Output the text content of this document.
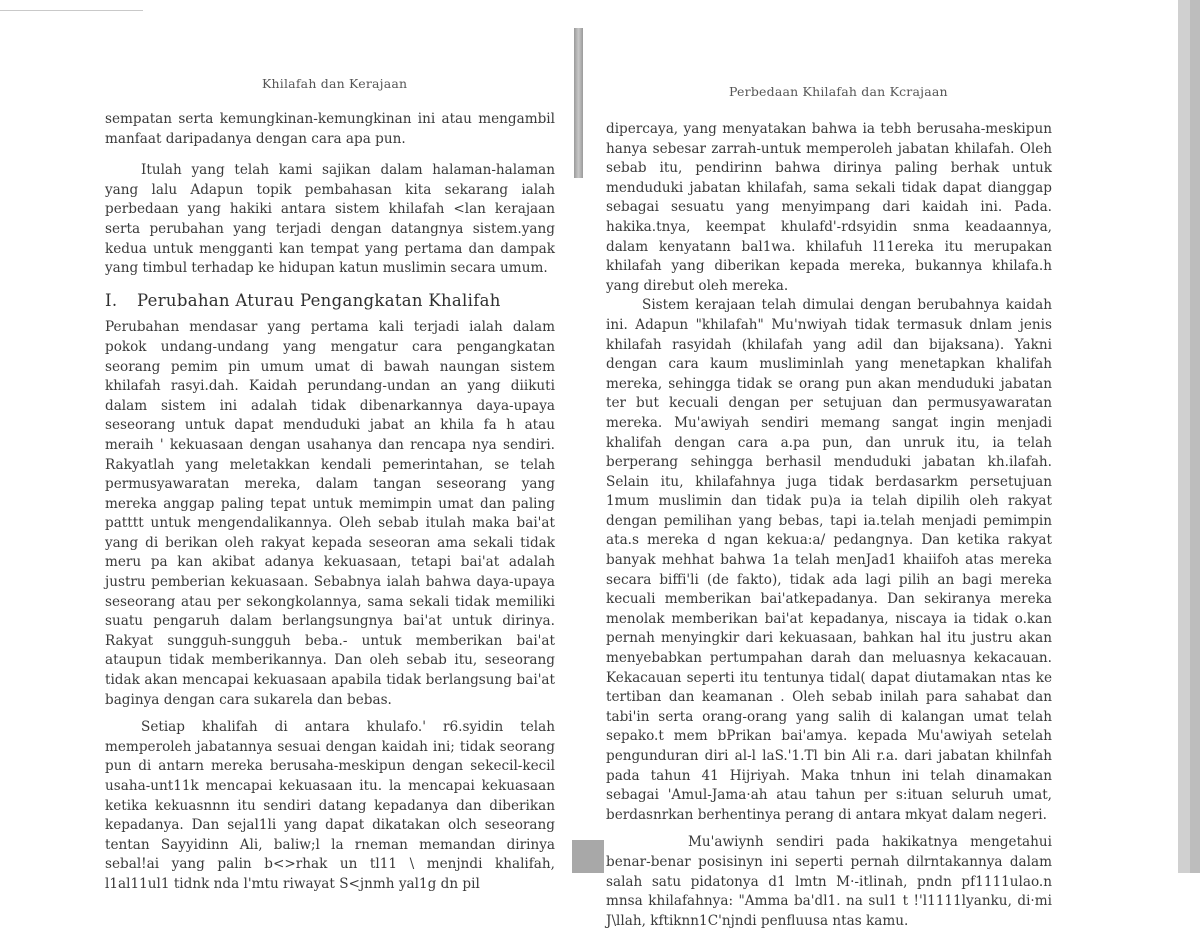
Khilafah dan Kerajaan

sempatan serta kemungkinan-kemungkinan ini atau mengambil manfaat daripadanya dengan cara apa pun.

Itulah yang telah kami sajikan dalam halaman-halaman yang lalu Adapun topik pembahasan kita sekarang ialah perbedaan yang hakiki antara sistem khilafah <lan kerajaan serta perubahan yang terjadi dengan datangnya sistem.yang kedua untuk mengganti kan tempat yang pertama dan dampak yang timbul terhadap ke hidupan katun muslimin secara umum.

I. Perubahan Aturau Pengangkatan Khalifah

Perubahan mendasar yang pertama kali terjadi ialah dalam pokok undang-undang yang mengatur cara pengangkatan seorang pemim pin umum umat di bawah naungan sistem khilafah rasyi.dah. Kaidah perundang-undan an yang diikuti dalam sistem ini adalah tidak dibenarkannya daya-upaya seseorang untuk dapat menduduki jabat an khila fa h atau meraih ' kekuasaan dengan usahanya dan rencapa nya sendiri. Rakyatlah yang meletakkan kendali pemerintahan, se telah permusyawaratan mereka, dalam tangan seseorang yang mereka anggap paling tepat untuk memimpin umat dan paling patttt untuk mengendalikannya. Oleh sebab itulah maka bai'at yang di berikan oleh rakyat kepada seseoran ama sekali tidak meru pa kan akibat adanya kekuasaan, tetapi bai'at adalah justru pemberian kekuasaan. Sebabnya ialah bahwa daya-upaya seseorang atau per sekongkolannya, sama sekali tidak memiliki suatu pengaruh dalam berlangsungnya bai'at untuk dirinya. Rakyat sungguh-sungguh beba.- untuk memberikan bai'at ataupun tidak memberikannya. Dan oleh sebab itu, seseorang tidak akan mencapai kekuasaan apabila tidak berlangsung bai'at baginya dengan cara sukarela dan bebas.

Setiap khalifah di antara khulafo.' r6.syidin telah memperoleh jabatannya sesuai dengan kaidah ini; tidak seorang pun di antarn mereka berusaha-meskipun dengan sekecil-kecil usaha-unt11k mencapai kekuasaan itu. la mencapai kekuasaan ketika kekuasnnn itu sendiri datang kepadanya dan diberikan kepadanya. Dan sejal1li yang dapat dikatakan olch seseorang tentan Sayyidinn Ali, baliw;l la rneman memandan dirinya sebal!ai yang palin b<>rhak un tl11 \ menjndi khalifah, l1al11ul1 tidnk nda l'mtu riwayat S<jnmh yal1g dn pil

Perbedaan Khilafah dan Kcrajaan

dipercaya, yang menyatakan bahwa ia tebh berusaha-meskipun hanya sebesar zarrah-untuk memperoleh jabatan khilafah. Oleh sebab itu, pendirinn bahwa dirinya paling berhak untuk menduduki jabatan khilafah, sama sekali tidak dapat dianggap sebagai sesuatu yang menyimpang dari kaidah ini. Pada. hakika.tnya, keempat khulafd'-rdsyidin snma keadaannya, dalam kenyatann bal1wa. khilafuh l11ereka itu merupakan khilafah yang diberikan kepada mereka, bukannya khilafa.h yang direbut oleh mereka.

Sistem kerajaan telah dimulai dengan berubahnya kaidah ini. Adapun "khilafah" Mu'nwiyah tidak termasuk dnlam jenis khilafah rasyidah (khilafah yang adil dan bijaksana). Yakni dengan cara kaum musliminlah yang menetapkan khalifah mereka, sehingga tidak se orang pun akan menduduki jabatan ter but kecuali dengan per setujuan dan permusyawaratan mereka. Mu'awiyah sendiri memang sangat ingin menjadi khalifah dengan cara a.pa pun, dan unruk itu, ia telah berperang sehingga berhasil menduduki jabatan kh.ilafah. Selain itu, khilafahnya juga tidak berdasarkm persetujuan 1mum muslimin dan tidak pu)a ia telah dipilih oleh rakyat dengan pemilihan yang bebas, tapi ia.telah menjadi pemimpin ata.s mereka d ngan kekua:a/ pedangnya. Dan ketika rakyat banyak mehhat bahwa 1a telah menJad1 khaiifoh atas mereka secara biffi'li (de fakto), tidak ada lagi pilih an bagi mereka kecuali memberikan bai'atkepadanya. Dan sekiranya mereka menolak memberikan bai'at kepadanya, niscaya ia tidak o.kan pernah menyingkir dari kekuasaan, bahkan hal itu justru akan menyebabkan pertumpahan darah dan meluasnya kekacauan. Kekacauan seperti itu tentunya tidal( dapat diutamakan ntas ke tertiban dan keamanan . Oleh sebab inilah para sahabat dan tabi'in serta orang-orang yang salih di kalangan umat telah sepako.t mem bPrikan bai'amya. kepada Mu'awiyah setelah pengunduran diri al-l laS.'1.Tl bin Ali r.a. dari jabatan khilnfah pada tahun 41 Hijriyah. Maka tnhun ini telah dinamakan sebagai 'Amul-Jama·ah atau tahun per s:ituan seluruh umat, berdasnrkan berhentinya perang di antara mkyat dalam negeri.

Mu'awiynh sendiri pada hakikatnya mengetahui benar-benar posisinyn ini seperti pernah dilrntakannya dalam salah satu pidatonya d1 lmtn M·-itlinah, pndn pf1111ulao.n mnsa khilafahnya: "Amma ba'dl1. na sul1 t !'l1111lyanku, di·mi J\llah, kftiknn1C'njndi penfluusa ntas kamu.
